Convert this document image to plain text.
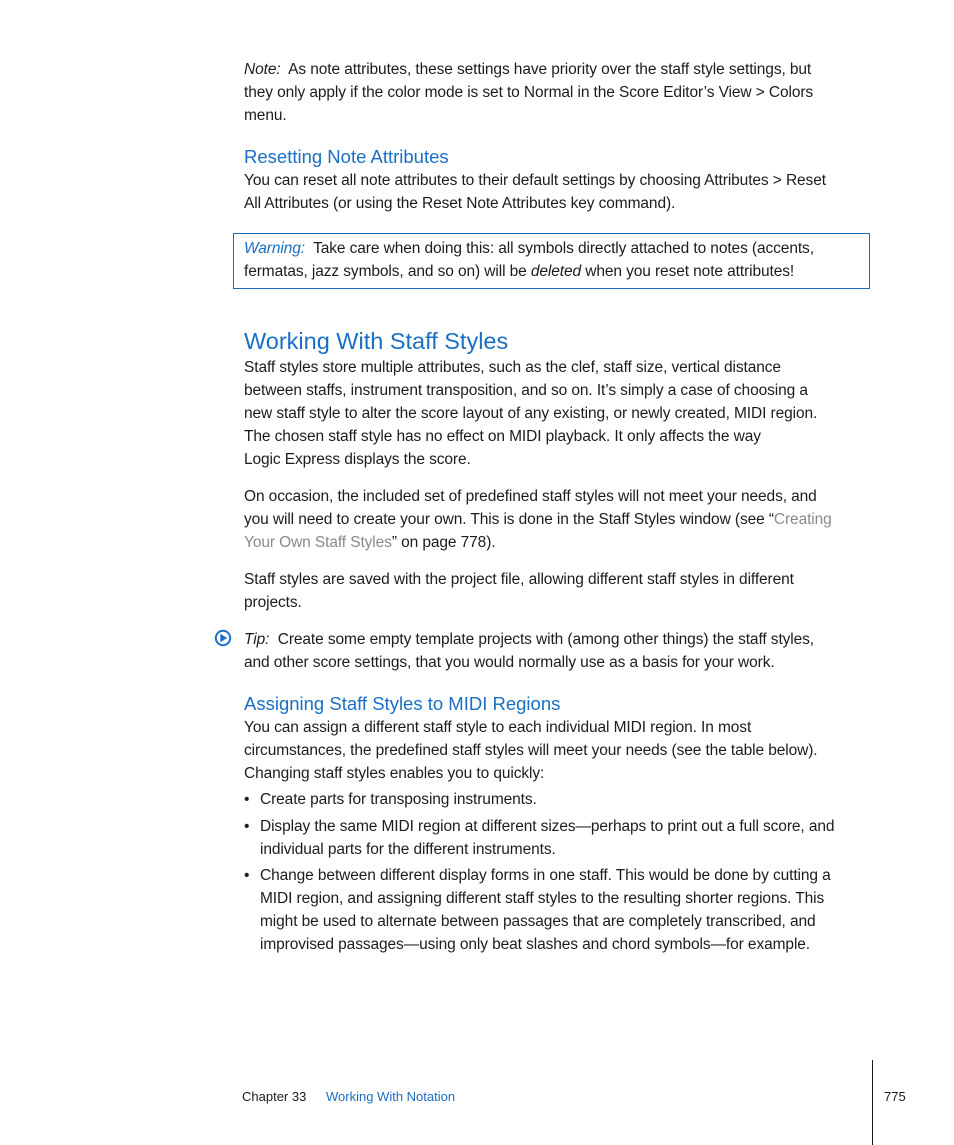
Note: As note attributes, these settings have priority over the staff style settings, but

they only apply if the color mode is set to Normal in the Score Editor’s View > Colors

menu.

Resetting Note Attributes

You can reset all note attributes to their default settings by choosing Attributes > Reset

All Attributes (or using the Reset Note Attributes key command).

Warning: Take care when doing this: all symbols directly attached to notes (accents,

fermatas, jazz symbols, and so on) will be deleted when you reset note attributes!

Working With Staff Styles

Staff styles store multiple attributes, such as the clef, staff size, vertical distance

between staffs, instrument transposition, and so on. It’s simply a case of choosing a

new staff style to alter the score layout of any existing, or newly created, MIDI region.

The chosen staff style has no effect on MIDI playback. It only affects the way

Logic Express displays the score.

On occasion, the included set of predefined staff styles will not meet your needs, and

you will need to create your own. This is done in the Staff Styles window (see “Creating

Your Own Staff Styles” on page 778).

Staff styles are saved with the project file, allowing different staff styles in different

projects.

Tip: Create some empty template projects with (among other things) the staff styles,

and other score settings, that you would normally use as a basis for your work.

Assigning Staff Styles to MIDI Regions

You can assign a different staff style to each individual MIDI region. In most

circumstances, the predefined staff styles will meet your needs (see the table below).

Changing staff styles enables you to quickly:

• Create parts for transposing instruments.

• Display the same MIDI region at different sizes—perhaps to print out a full score, and

individual parts for the different instruments.

• Change between different display forms in one staff. This would be done by cutting a

MIDI region, and assigning different staff styles to the resulting shorter regions. This

might be used to alternate between passages that are completely transcribed, and

improvised passages—using only beat slashes and chord symbols—for example.

Chapter 33 Working With Notation	775
